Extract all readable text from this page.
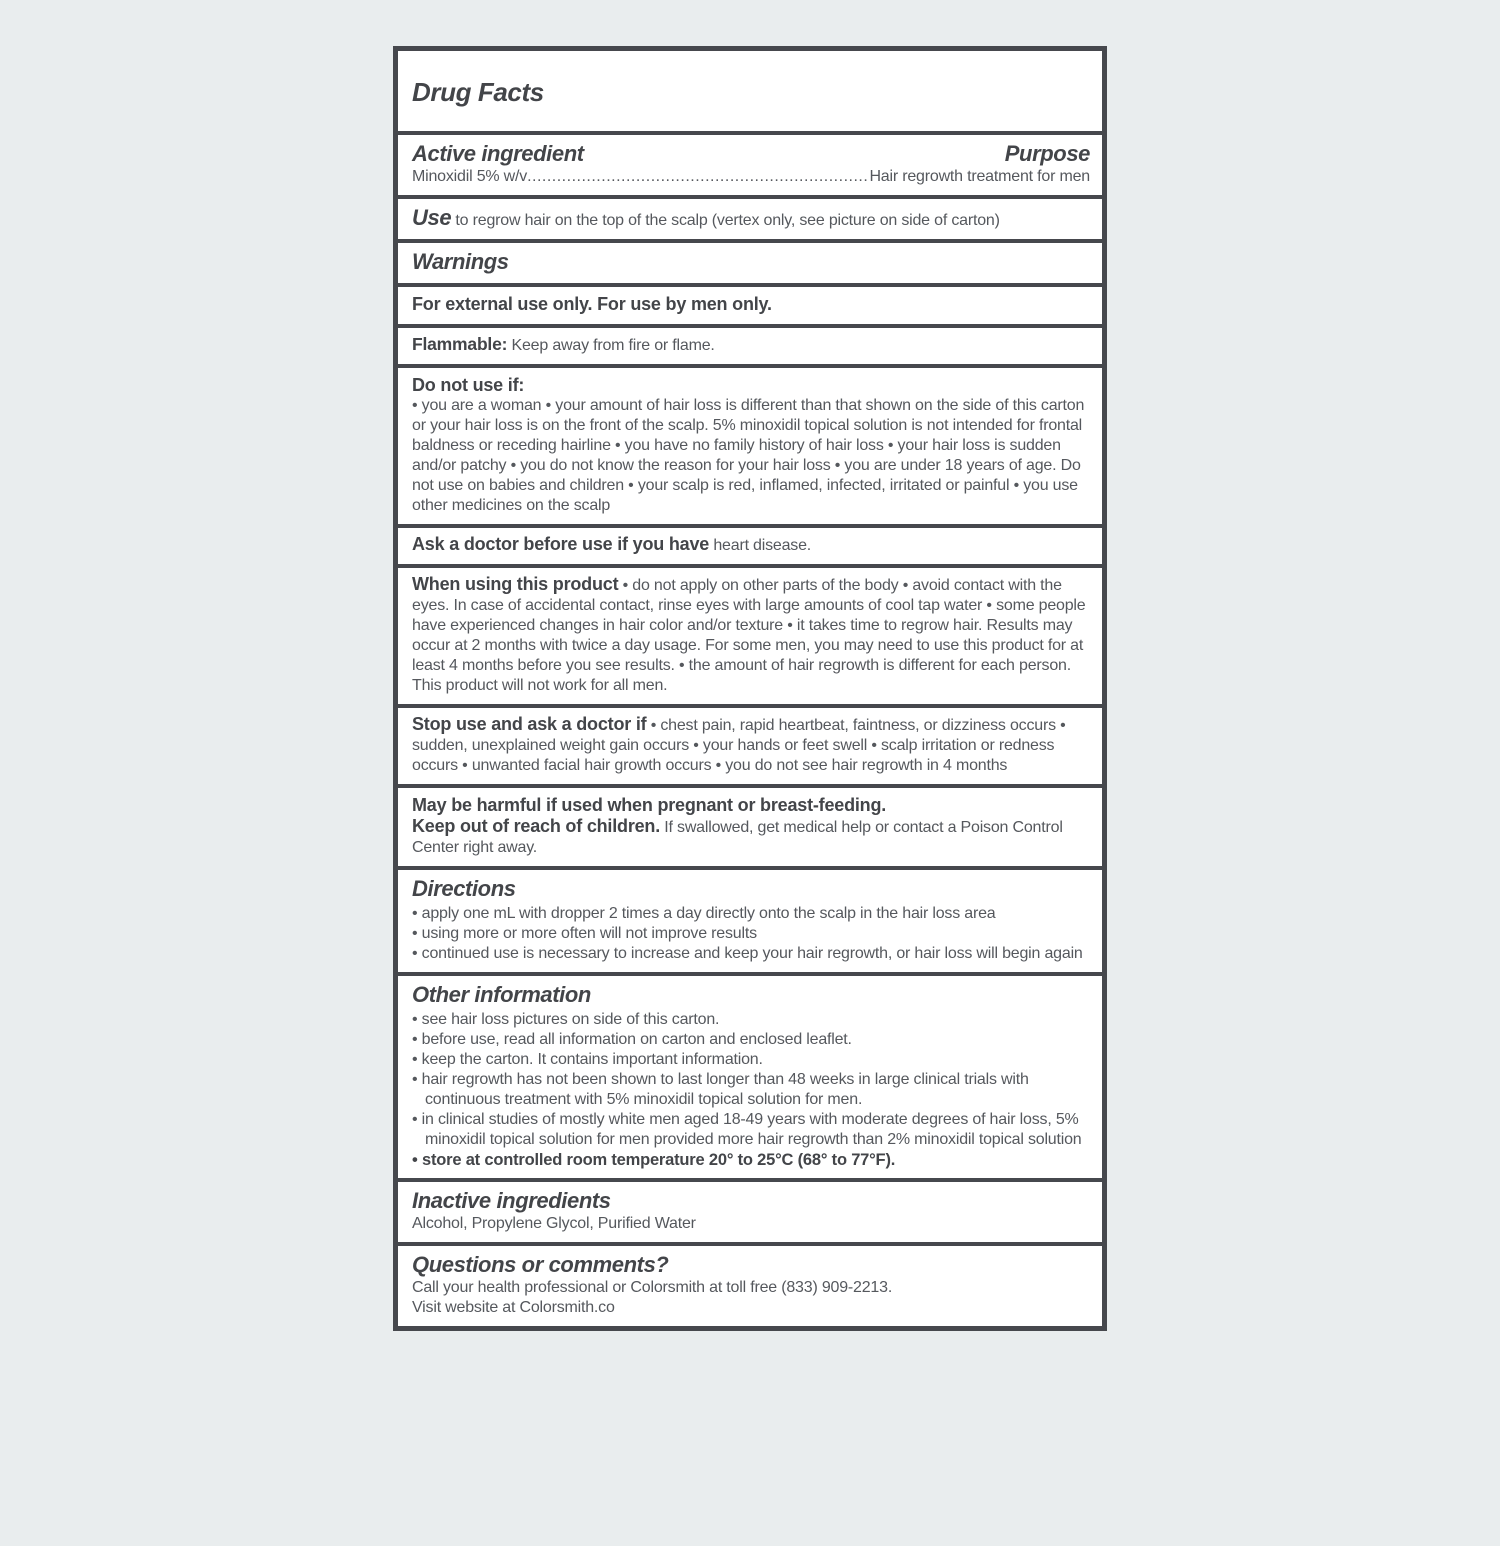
Drug Facts
Active ingredient	Purpose
Minoxidil 5% w/v .....	Hair regrowth treatment for men
Use to regrow hair on the top of the scalp (vertex only, see picture on side of carton)
Warnings
For external use only. For use by men only.
Flammable: Keep away from fire or flame.
Do not use if:
• you are a woman • your amount of hair loss is different than that shown on the side of this carton or your hair loss is on the front of the scalp. 5% minoxidil topical solution is not intended for frontal baldness or receding hairline • you have no family history of hair loss • your hair loss is sudden and/or patchy • you do not know the reason for your hair loss • you are under 18 years of age. Do not use on babies and children • your scalp is red, inflamed, infected, irritated or painful • you use other medicines on the scalp
Ask a doctor before use if you have heart disease.
When using this product • do not apply on other parts of the body • avoid contact with the eyes. In case of accidental contact, rinse eyes with large amounts of cool tap water • some people have experienced changes in hair color and/or texture • it takes time to regrow hair. Results may occur at 2 months with twice a day usage. For some men, you may need to use this product for at least 4 months before you see results. • the amount of hair regrowth is different for each person. This product will not work for all men.
Stop use and ask a doctor if • chest pain, rapid heartbeat, faintness, or dizziness occurs • sudden, unexplained weight gain occurs • your hands or feet swell • scalp irritation or redness occurs • unwanted facial hair growth occurs • you do not see hair regrowth in 4 months
May be harmful if used when pregnant or breast-feeding.
Keep out of reach of children. If swallowed, get medical help or contact a Poison Control Center right away.
Directions
• apply one mL with dropper 2 times a day directly onto the scalp in the hair loss area
• using more or more often will not improve results
• continued use is necessary to increase and keep your hair regrowth, or hair loss will begin again
Other information
• see hair loss pictures on side of this carton.
• before use, read all information on carton and enclosed leaflet.
• keep the carton. It contains important information.
• hair regrowth has not been shown to last longer than 48 weeks in large clinical trials with continuous treatment with 5% minoxidil topical solution for men.
• in clinical studies of mostly white men aged 18-49 years with moderate degrees of hair loss, 5% minoxidil topical solution for men provided more hair regrowth than 2% minoxidil topical solution
• store at controlled room temperature 20° to 25°C (68° to 77°F).
Inactive ingredients
Alcohol, Propylene Glycol, Purified Water
Questions or comments?
Call your health professional or Colorsmith at toll free (833) 909-2213.
Visit website at Colorsmith.co
